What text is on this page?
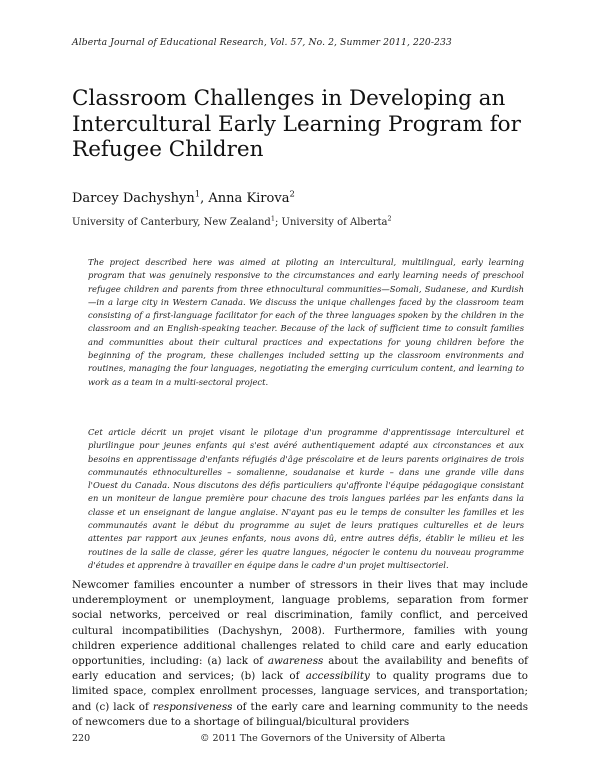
Alberta Journal of Educational Research, Vol. 57, No. 2, Summer 2011, 220-233
Classroom Challenges in Developing an Intercultural Early Learning Program for Refugee Children
Darcey Dachyshyn$^1$, Anna Kirova$^2$
University of Canterbury, New Zealand$^1$; University of Alberta$^2$

The project described here was aimed at piloting an intercultural, multilingual, early learning program that was genuinely responsive to the circumstances and early learning needs of preschool refugee children and parents from three ethnocultural communities—Somali, Sudanese, and Kurdish—in a large city in Western Canada. We discuss the unique challenges faced by the classroom team consisting of a first-language facilitator for each of the three languages spoken by the children in the classroom and an English-speaking teacher. Because of the lack of sufficient time to consult families and communities about their cultural practices and expectations for young children before the beginning of the program, these challenges included setting up the classroom environments and routines, managing the four languages, negotiating the emerging curriculum content, and learning to work as a team in a multi-sectoral project.

Cet article décrit un projet visant le pilotage d'un programme d'apprentissage interculturel et plurilingue pour jeunes enfants qui s'est avéré authentiquement adapté aux circonstances et aux besoins en apprentissage d'enfants réfugiés d'âge préscolaire et de leurs parents originaires de trois communautés ethnoculturelles – somalienne, soudanaise et kurde – dans une grande ville dans l'Ouest du Canada. Nous discutons des défis particuliers qu'affronte l'équipe pédagogique consistant en un moniteur de langue première pour chacune des trois langues parlées par les enfants dans la classe et un enseignant de langue anglaise. N'ayant pas eu le temps de consulter les familles et les communautés avant le début du programme au sujet de leurs pratiques culturelles et de leurs attentes par rapport aux jeunes enfants, nous avons dû, entre autres défis, établir le milieu et les routines de la salle de classe, gérer les quatre langues, négocier le contenu du nouveau programme d'études et apprendre à travailler en équipe dans le cadre d'un projet multisectoriel.

Newcomer families encounter a number of stressors in their lives that may include underemployment or unemployment, language problems, separation from former social networks, perceived or real discrimination, family conflict, and perceived cultural incompatibilities (Dachyshyn, 2008). Furthermore, families with young children experience additional challenges related to child care and early education opportunities, including: (a) lack of awareness about the availability and benefits of early education and services; (b) lack of accessibility to quality programs due to limited space, complex enrollment processes, language services, and transportation; and (c) lack of responsiveness of the early care and learning community to the needs of newcomers due to a shortage of bilingual/bicultural providers

220	© 2011 The Governors of the University of Alberta
